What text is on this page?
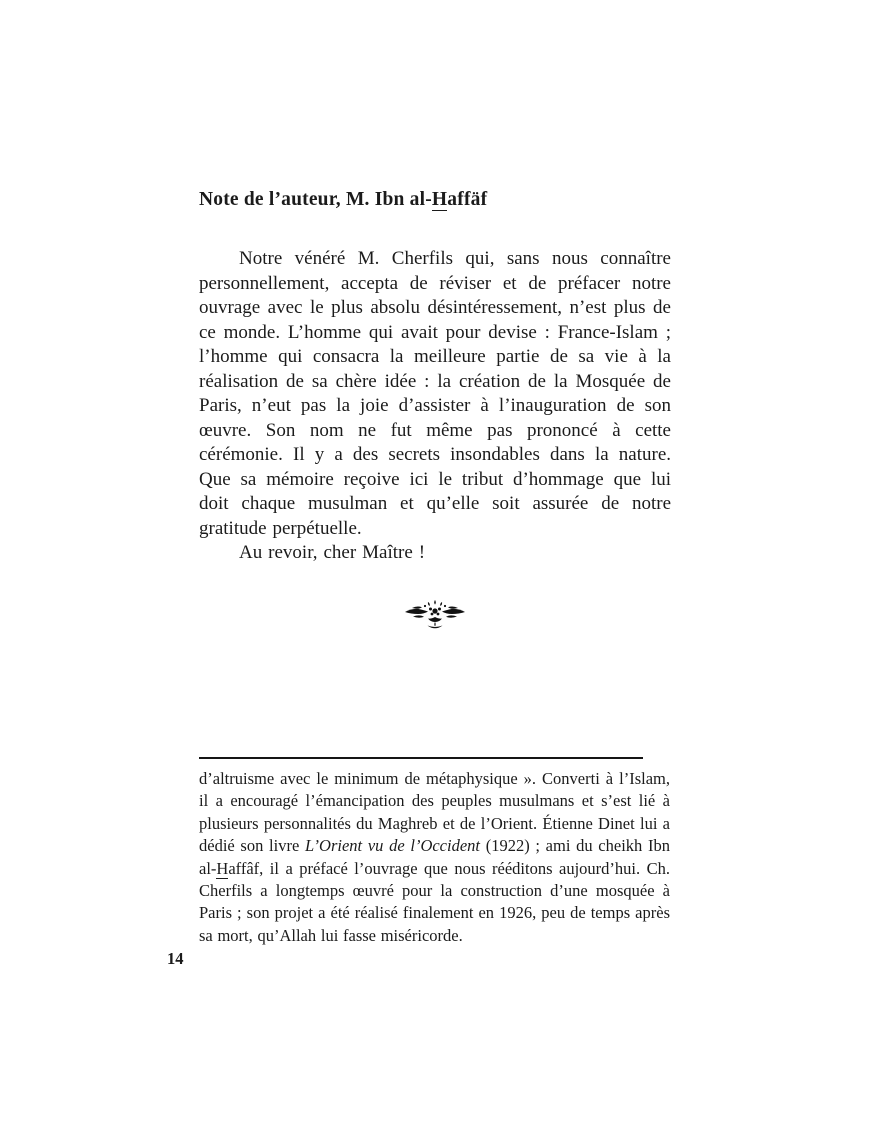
Note de l’auteur, M. Ibn al-Haffäf

Notre vénéré M. Cherfils qui, sans nous connaître personnellement, accepta de réviser et de préfacer notre ouvrage avec le plus absolu désintéressement, n’est plus de ce monde. L’homme qui avait pour devise : France-Islam ; l’homme qui consacra la meilleure partie de sa vie à la réalisation de sa chère idée : la création de la Mosquée de Paris, n’eut pas la joie d’assister à l’inauguration de son œuvre. Son nom ne fut même pas prononcé à cette cérémonie. Il y a des secrets insondables dans la nature. Que sa mémoire reçoive ici le tribut d’hommage que lui doit chaque musulman et qu’elle soit assurée de notre gratitude perpétuelle.

Au revoir, cher Maître !

d’altruisme avec le minimum de métaphysique ». Converti à l’Islam, il a encouragé l’émancipation des peuples musulmans et s’est lié à plusieurs personnalités du Maghreb et de l’Orient. Étienne Dinet lui a dédié son livre L’Orient vu de l’Occident (1922) ; ami du cheikh Ibn al-Haffâf, il a préfacé l’ouvrage que nous rééditons aujourd’hui. Ch. Cherfils a longtemps œuvré pour la construction d’une mosquée à Paris ; son projet a été réalisé finalement en 1926, peu de temps après sa mort, qu’Allah lui fasse miséricorde.

14
